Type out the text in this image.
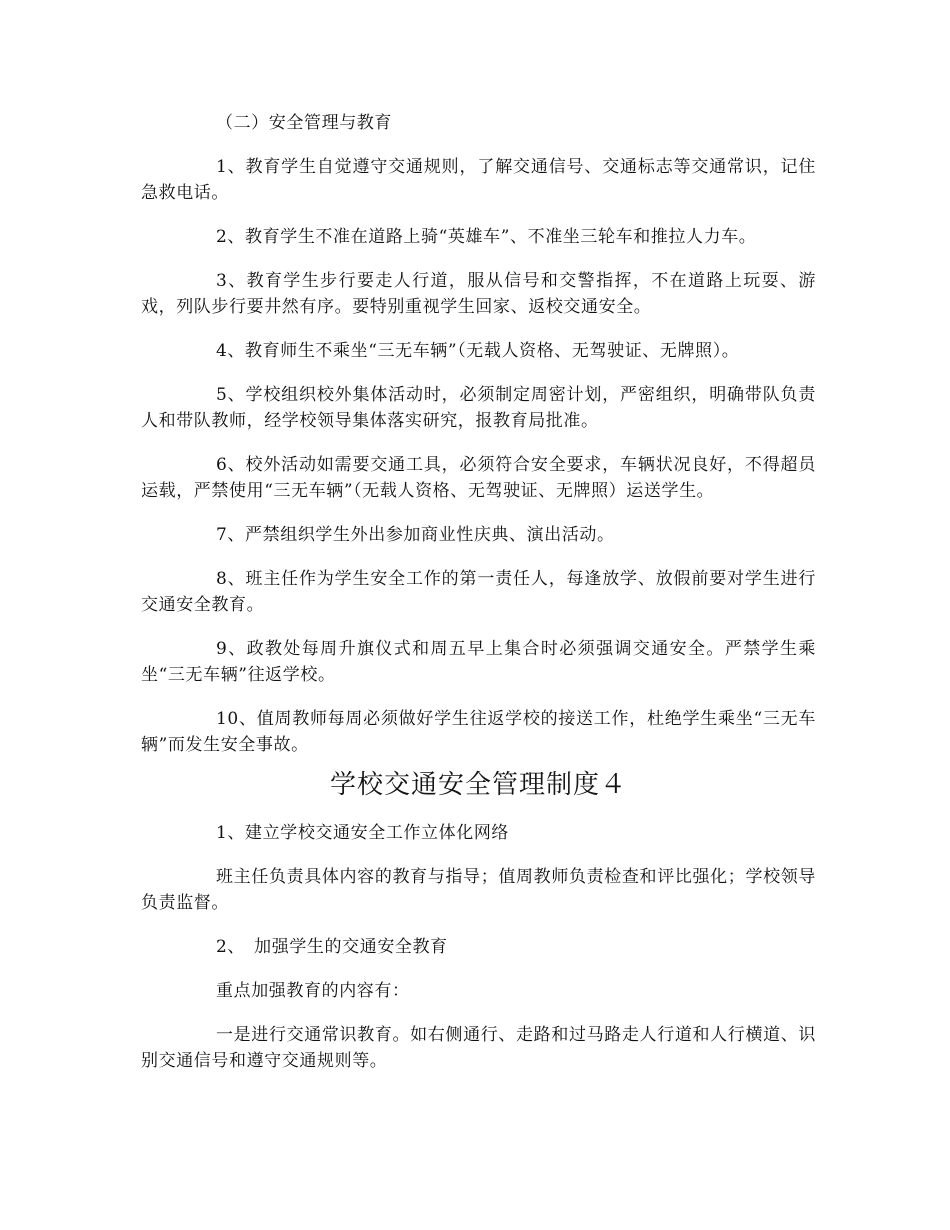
（二）安全管理与教育

1、教育学生自觉遵守交通规则，了解交通信号、交通标志等交通常识，记住急救电话。

2、教育学生不准在道路上骑“英雄车”、不准坐三轮车和推拉人力车。

3、教育学生步行要走人行道，服从信号和交警指挥，不在道路上玩耍、游戏，列队步行要井然有序。要特别重视学生回家、返校交通安全。

4、教育师生不乘坐“三无车辆”（无载人资格、无驾驶证、无牌照）。

5、学校组织校外集体活动时，必须制定周密计划，严密组织，明确带队负责人和带队教师，经学校领导集体落实研究，报教育局批准。

6、校外活动如需要交通工具，必须符合安全要求，车辆状况良好，不得超员运载，严禁使用“三无车辆”（无载人资格、无驾驶证、无牌照）运送学生。

7、严禁组织学生外出参加商业性庆典、演出活动。

8、班主任作为学生安全工作的第一责任人，每逢放学、放假前要对学生进行交通安全教育。

9、政教处每周升旗仪式和周五早上集合时必须强调交通安全。严禁学生乘坐“三无车辆”往返学校。

10、值周教师每周必须做好学生往返学校的接送工作，杜绝学生乘坐“三无车辆”而发生安全事故。

学校交通安全管理制度４

1、建立学校交通安全工作立体化网络

班主任负责具体内容的教育与指导；值周教师负责检查和评比强化；学校领导负责监督。

2、　加强学生的交通安全教育

重点加强教育的内容有：

一是进行交通常识教育。如右侧通行、走路和过马路走人行道和人行横道、识别交通信号和遵守交通规则等。
